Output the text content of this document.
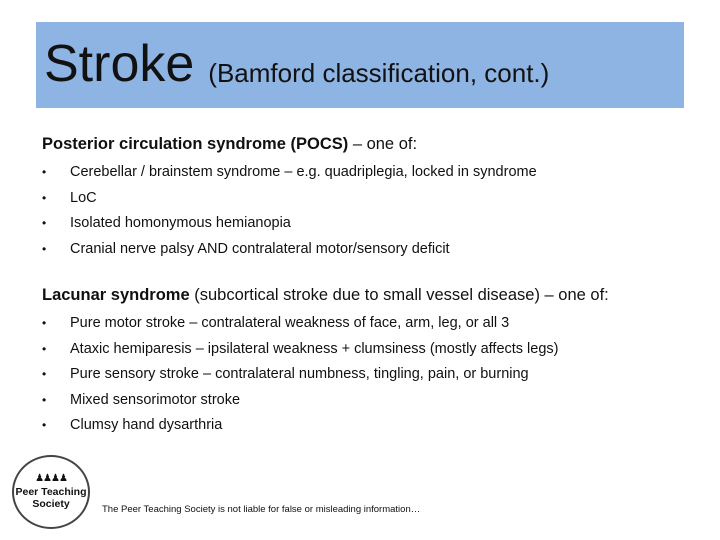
Stroke (Bamford classification, cont.)

Posterior circulation syndrome (POCS) – one of:

• Cerebellar / brainstem syndrome – e.g. quadriplegia, locked in syndrome
• LoC
• Isolated homonymous hemianopia
• Cranial nerve palsy AND contralateral motor/sensory deficit

Lacunar syndrome (subcortical stroke due to small vessel disease) – one of:

• Pure motor stroke – contralateral weakness of face, arm, leg, or all 3
• Ataxic hemiparesis – ipsilateral weakness + clumsiness (mostly affects legs)
• Pure sensory stroke – contralateral numbness, tingling, pain, or burning
• Mixed sensorimotor stroke
• Clumsy hand dysarthria
♟♟♟♟
Peer Teaching
Society	The Peer Teaching Society is not liable for false or misleading information…
